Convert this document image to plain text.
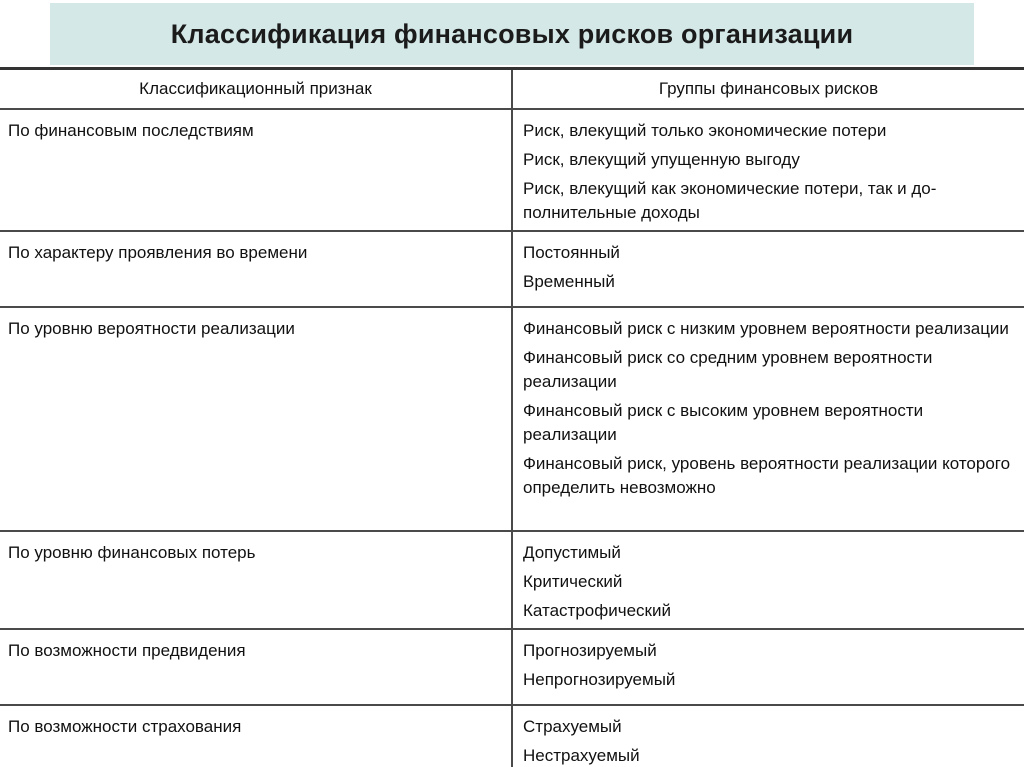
Классификация финансовых рисков организации
Классификационный признак	Группы финансовых рисков

По финансовым последствиям	Риск, влекущий только экономические потери
Риск, влекущий упущенную выгоду
Риск, влекущий как экономические потери, так и до-полнительные доходы

По характеру проявления во времени	Постоянный
Временный

По уровню вероятности реализации	Финансовый риск с низким уровнем вероятности реализации
Финансовый риск со средним уровнем вероятности реализации
Финансовый риск с высоким уровнем вероятности реализации
Финансовый риск, уровень вероятности реализации которого определить невозможно

По уровню финансовых потерь	Допустимый
Критический
Катастрофический

По возможности предвидения	Прогнозируемый
Непрогнозируемый

По возможности страхования	Страхуемый
Нестрахуемый
